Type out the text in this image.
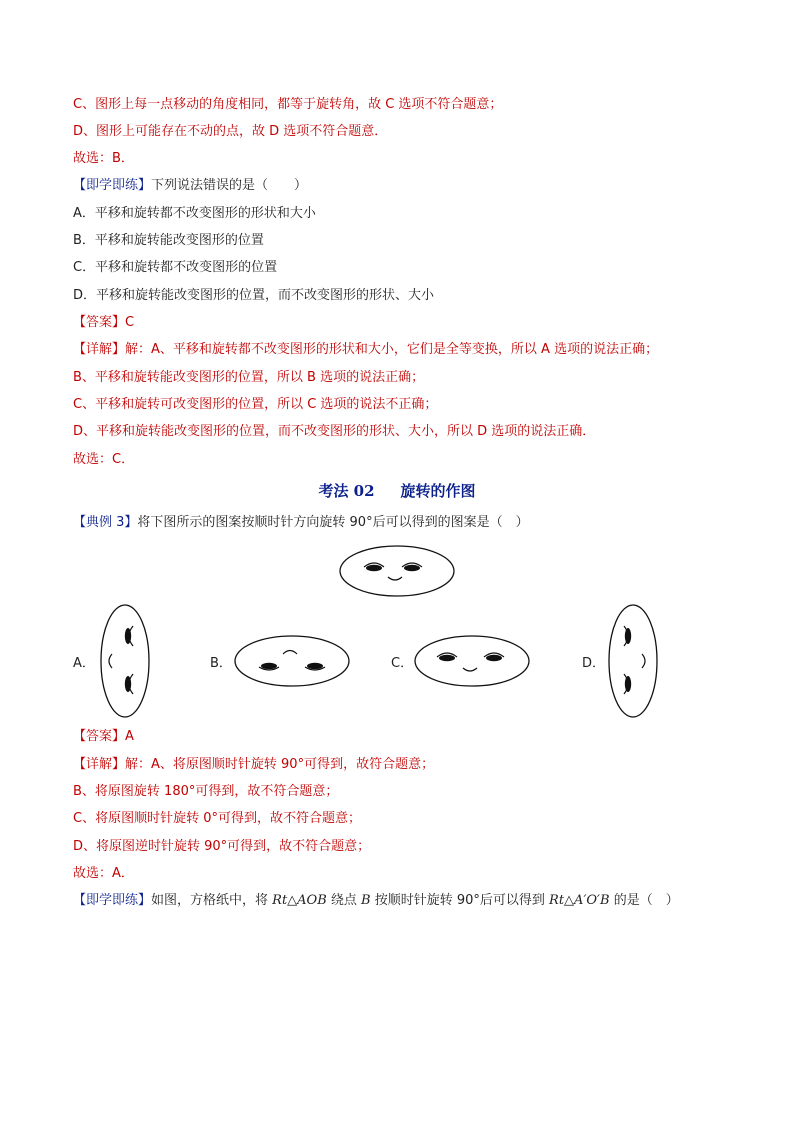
C、图形上每一点移动的角度相同，都等于旋转角，故 C 选项不符合题意；
D、图形上可能存在不动的点，故 D 选项不符合题意．
故选：B．
【即学即练】下列说法错误的是（　　）
A．平移和旋转都不改变图形的形状和大小
B．平移和旋转能改变图形的位置
C．平移和旋转都不改变图形的位置
D．平移和旋转能改变图形的位置，而不改变图形的形状、大小
【答案】C
【详解】解：A、平移和旋转都不改变图形的形状和大小，它们是全等变换，所以 A 选项的说法正确；
B、平移和旋转能改变图形的位置，所以 B 选项的说法正确；
C、平移和旋转可改变图形的位置，所以 C 选项的说法不正确；
D、平移和旋转能改变图形的位置，而不改变图形的形状、大小，所以 D 选项的说法正确．
故选：C．
考法 02 旋转的作图
【典例 3】将下图所示的图案按顺时针方向旋转 90°后可以得到的图案是（　）
A．	B．	C．	D．
【答案】A
【详解】解：A、将原图顺时针旋转 90°可得到，故符合题意；
B、将原图旋转 180°可得到，故不符合题意；
C、将原图顺时针旋转 0°可得到，故不符合题意；
D、将原图逆时针旋转 90°可得到，故不符合题意；
故选：A．
【即学即练】如图，方格纸中，将 Rt△AOB 绕点 B 按顺时针旋转 90°后可以得到 Rt△A′O′B 的是（　）
